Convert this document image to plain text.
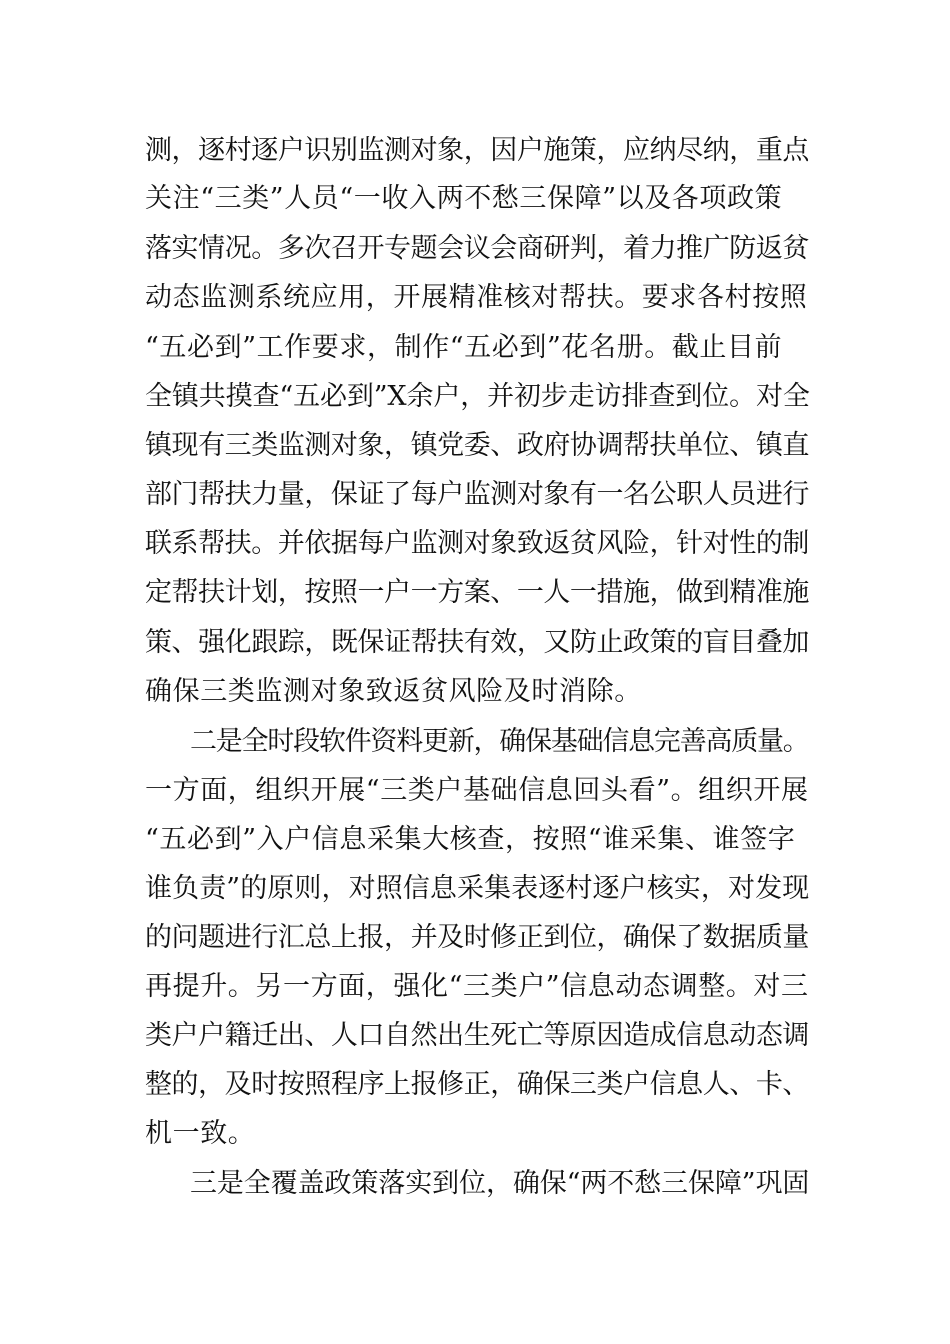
测，逐村逐户识别监测对象，因户施策，应纳尽纳，重点
关注“三类”人员“一收入两不愁三保障”以及各项政策
落实情况。多次召开专题会议会商研判，着力推广防返贫
动态监测系统应用，开展精准核对帮扶。要求各村按照
“五必到”工作要求，制作“五必到”花名册。截止目前
全镇共摸查“五必到”X余户，并初步走访排查到位。对全
镇现有三类监测对象，镇党委、政府协调帮扶单位、镇直
部门帮扶力量，保证了每户监测对象有一名公职人员进行
联系帮扶。并依据每户监测对象致返贫风险，针对性的制
定帮扶计划，按照一户一方案、一人一措施，做到精准施
策、强化跟踪，既保证帮扶有效，又防止政策的盲目叠加
确保三类监测对象致返贫风险及时消除。
二是全时段软件资料更新，确保基础信息完善高质量。
一方面，组织开展“三类户基础信息回头看”。组织开展
“五必到”入户信息采集大核查，按照“谁采集、谁签字
谁负责”的原则，对照信息采集表逐村逐户核实，对发现
的问题进行汇总上报，并及时修正到位，确保了数据质量
再提升。另一方面，强化“三类户”信息动态调整。对三
类户户籍迁出、人口自然出生死亡等原因造成信息动态调
整的，及时按照程序上报修正，确保三类户信息人、卡、
机一致。
三是全覆盖政策落实到位，确保“两不愁三保障”巩固
